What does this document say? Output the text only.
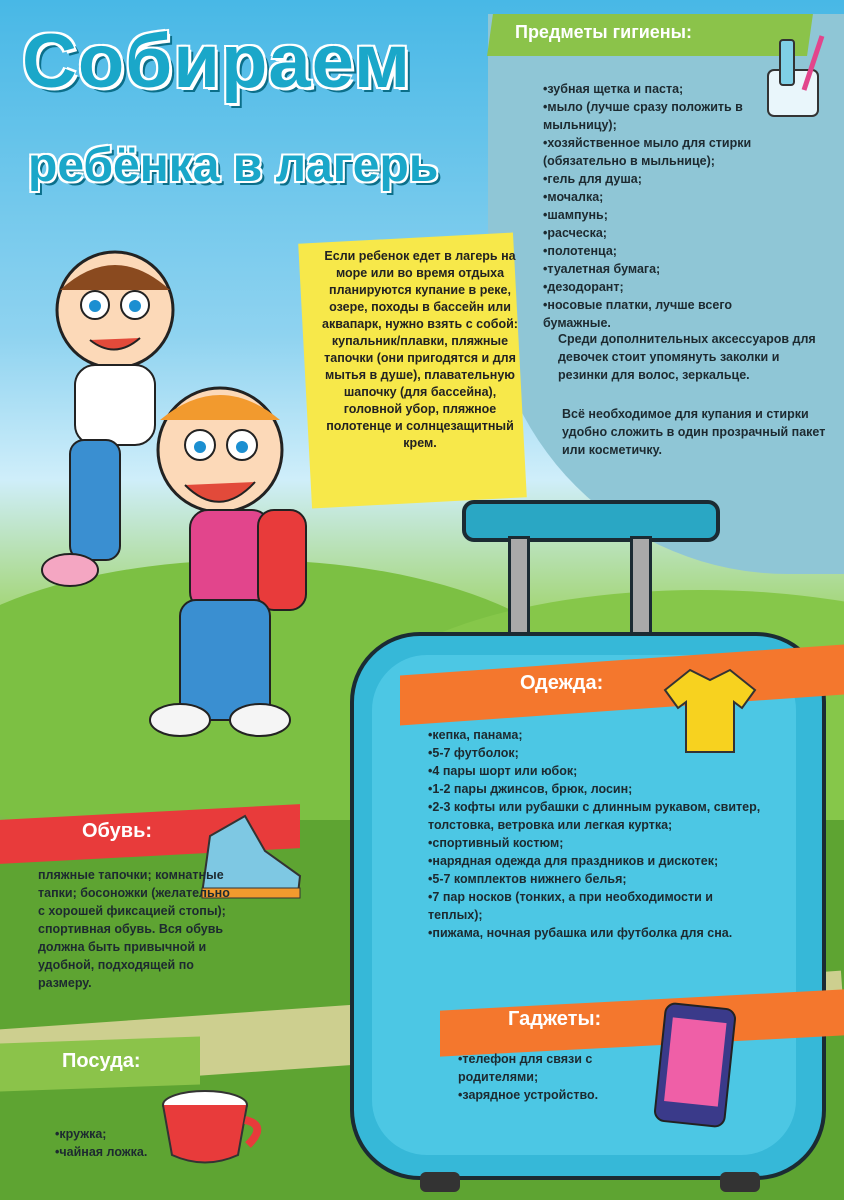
Предметы гигиены:
• зубная щетка и паста;
• мыло (лучше сразу положить в мыльницу);
• хозяйственное мыло для стирки (обязательно в мыльнице);
• гель для душа;
• мочалка;
• шампунь;
• расческа;
• полотенца;
• туалетная бумага;
• дезодорант;
• носовые платки, лучше всего бумажные.
Среди дополнительных аксессуаров для девочек стоит упомянуть заколки и резинки для волос, зеркальце.
Всё необходимое для купания и стирки удобно сложить в один прозрачный пакет или косметичку.
Собираем
ребёнка в лагерь
Если ребенок едет в лагерь на море или во время отдыха планируются купание в реке, озере, походы в бассейн или аквапарк, нужно взять с собой: купальник/плавки, пляжные тапочки (они пригодятся и для мытья в душе), плавательную шапочку (для бассейна), головной убор, пляжное полотенце и солнцезащитный крем.
Одежда:
• кепка, панама;
• 5-7 футболок;
• 4 пары шорт или юбок;
• 1-2 пары джинсов, брюк, лосин;
• 2-3 кофты или рубашки с длинным рукавом, свитер, толстовка, ветровка или легкая куртка;
• спортивный костюм;
• нарядная одежда для праздников и дискотек;
• 5-7 комплектов нижнего белья;
• 7 пар носков (тонких, а при необходимости и теплых);
• пижама, ночная рубашка или футболка для сна.
Гаджеты:
• телефон для связи с родителями;
• зарядное устройство.
Обувь:
пляжные тапочки; комнатные тапки; босоножки (желательно с хорошей фиксацией стопы); спортивная обувь. Вся обувь должна быть привычной и удобной, подходящей по размеру.
Посуда:
• кружка;
• чайная ложка.
